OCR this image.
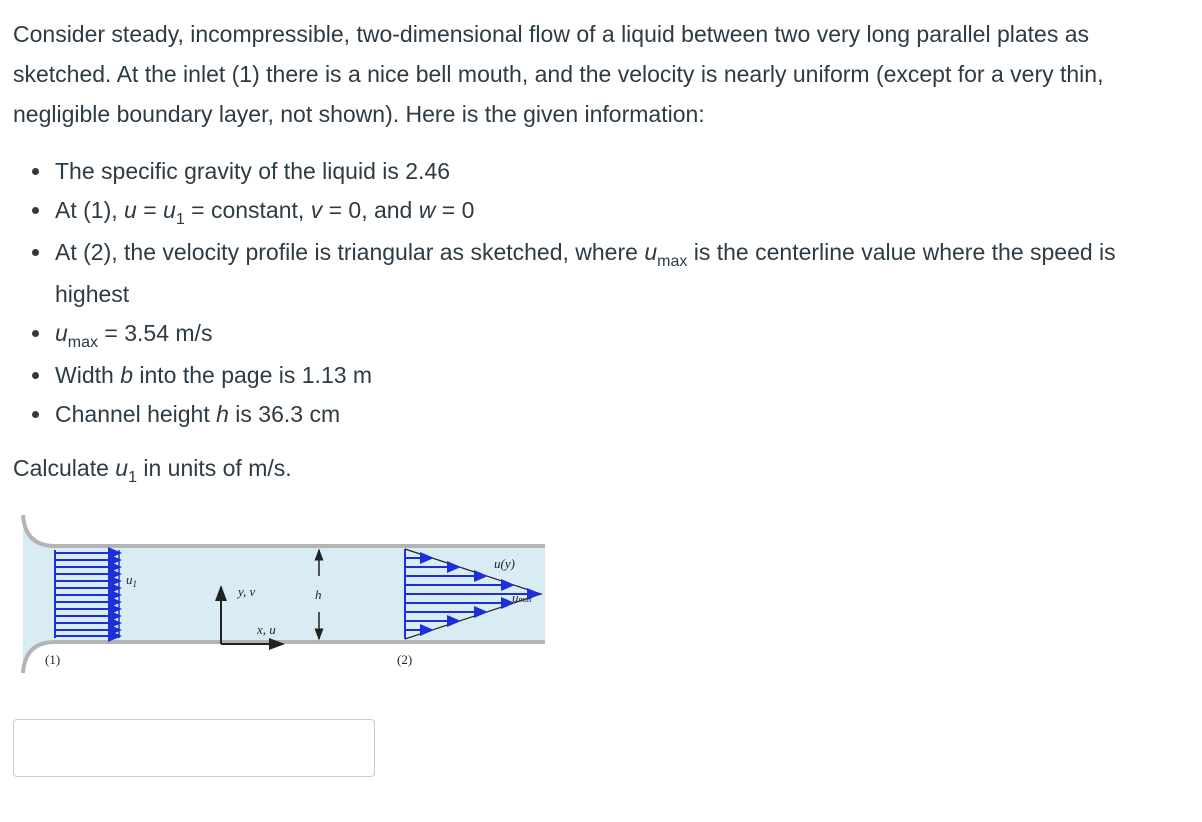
Consider steady, incompressible, two-dimensional flow of a liquid between two very long parallel plates as sketched. At the inlet (1) there is a nice bell mouth, and the velocity is nearly uniform (except for a very thin, negligible boundary layer, not shown). Here is the given information:

• The specific gravity of the liquid is 2.46
• At (1), $u = u_1$ = constant, v = 0, and w = 0
• At (2), the velocity profile is triangular as sketched, where $u_{max}$ is the centerline value where the speed is highest
• $u_{max} = 3.54$ m/s
• Width b into the page is 1.13 m
• Channel height h is 36.3 cm

Calculate $u_1$ in units of m/s.

$u_1$	y, v
x, u
h
u(y)
umax
(1)	(2)
